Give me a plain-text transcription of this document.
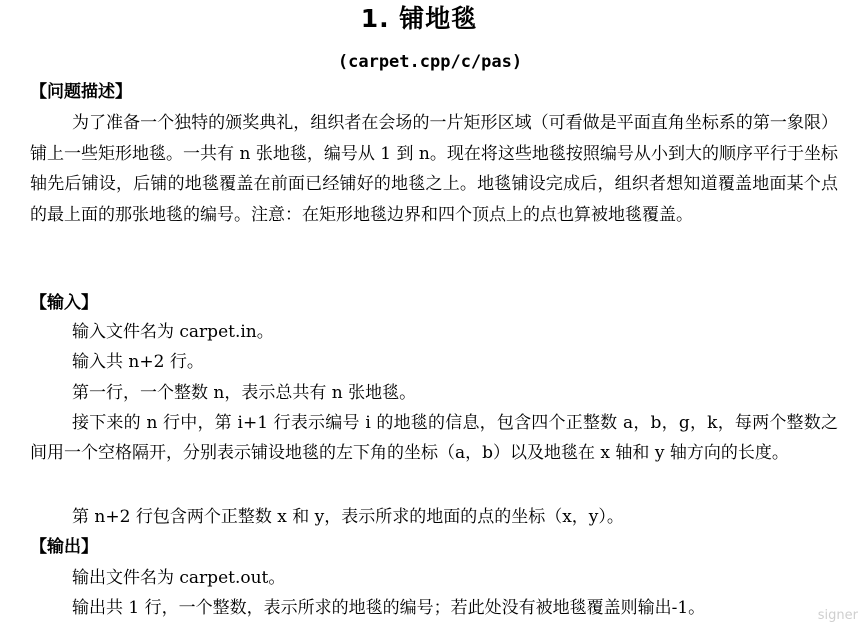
1. 铺地毯
(carpet.cpp/c/pas)
【问题描述】
为了准备一个独特的颁奖典礼，组织者在会场的一片矩形区域（可看做是平面直角坐标系的第一象限）铺上一些矩形地毯。一共有 n 张地毯，编号从 1 到 n。现在将这些地毯按照编号从小到大的顺序平行于坐标轴先后铺设，后铺的地毯覆盖在前面已经铺好的地毯之上。地毯铺设完成后，组织者想知道覆盖地面某个点的最上面的那张地毯的编号。注意：在矩形地毯边界和四个顶点上的点也算被地毯覆盖。
【输入】
输入文件名为 carpet.in。
输入共 n+2 行。
第一行，一个整数 n，表示总共有 n 张地毯。
接下来的 n 行中，第 i+1 行表示编号 i 的地毯的信息，包含四个正整数 a，b，g，k，每两个整数之间用一个空格隔开，分别表示铺设地毯的左下角的坐标（a，b）以及地毯在 x 轴和 y 轴方向的长度。
第 n+2 行包含两个正整数 x 和 y，表示所求的地面的点的坐标（x，y）。
【输出】
输出文件名为 carpet.out。
输出共 1 行，一个整数，表示所求的地毯的编号；若此处没有被地毯覆盖则输出-1。	signer
